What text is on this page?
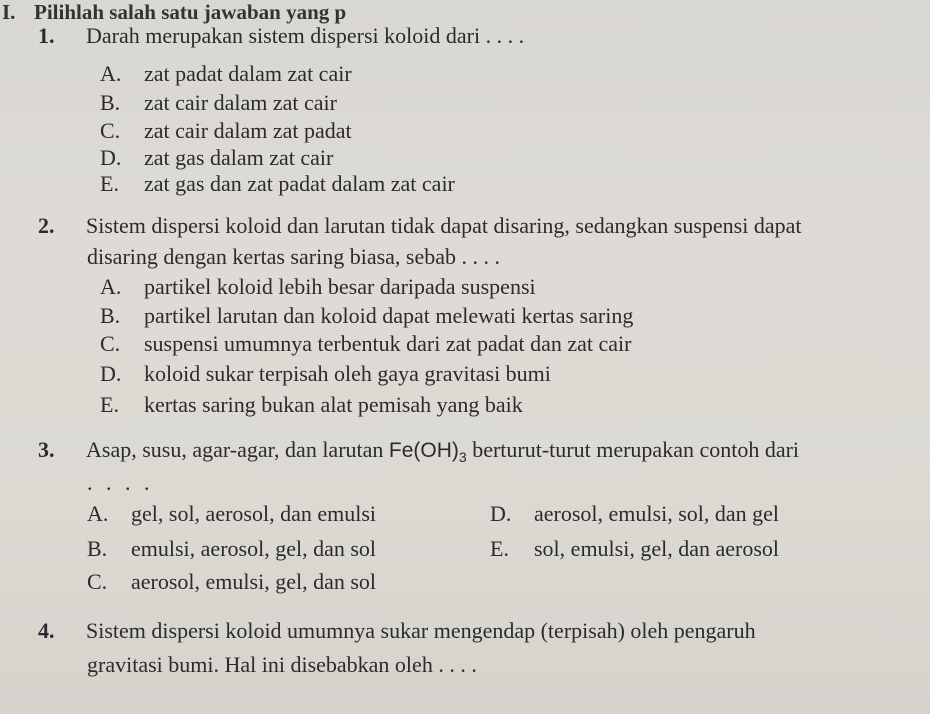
I. Pilihlah salah satu jawaban yang p
1. Darah merupakan sistem dispersi koloid dari . . . .
A. zat padat dalam zat cair
B. zat cair dalam zat cair
C. zat cair dalam zat padat
D. zat gas dalam zat cair
E. zat gas dan zat padat dalam zat cair
2. Sistem dispersi koloid dan larutan tidak dapat disaring, sedangkan suspensi dapat
disaring dengan kertas saring biasa, sebab . . . .
A. partikel koloid lebih besar daripada suspensi
B. partikel larutan dan koloid dapat melewati kertas saring
C. suspensi umumnya terbentuk dari zat padat dan zat cair
D. koloid sukar terpisah oleh gaya gravitasi bumi
E. kertas saring bukan alat pemisah yang baik
3. Asap, susu, agar-agar, dan larutan $Fe(OH)_3$ berturut-turut merupakan contoh dari
. . . .
A. gel, sol, aerosol, dan emulsi
B. emulsi, aerosol, gel, dan sol
C. aerosol, emulsi, gel, dan sol
D. aerosol, emulsi, sol, dan gel
E. sol, emulsi, gel, dan aerosol
4. Sistem dispersi koloid umumnya sukar mengendap (terpisah) oleh pengaruh
gravitasi bumi. Hal ini disebabkan oleh . . . .
